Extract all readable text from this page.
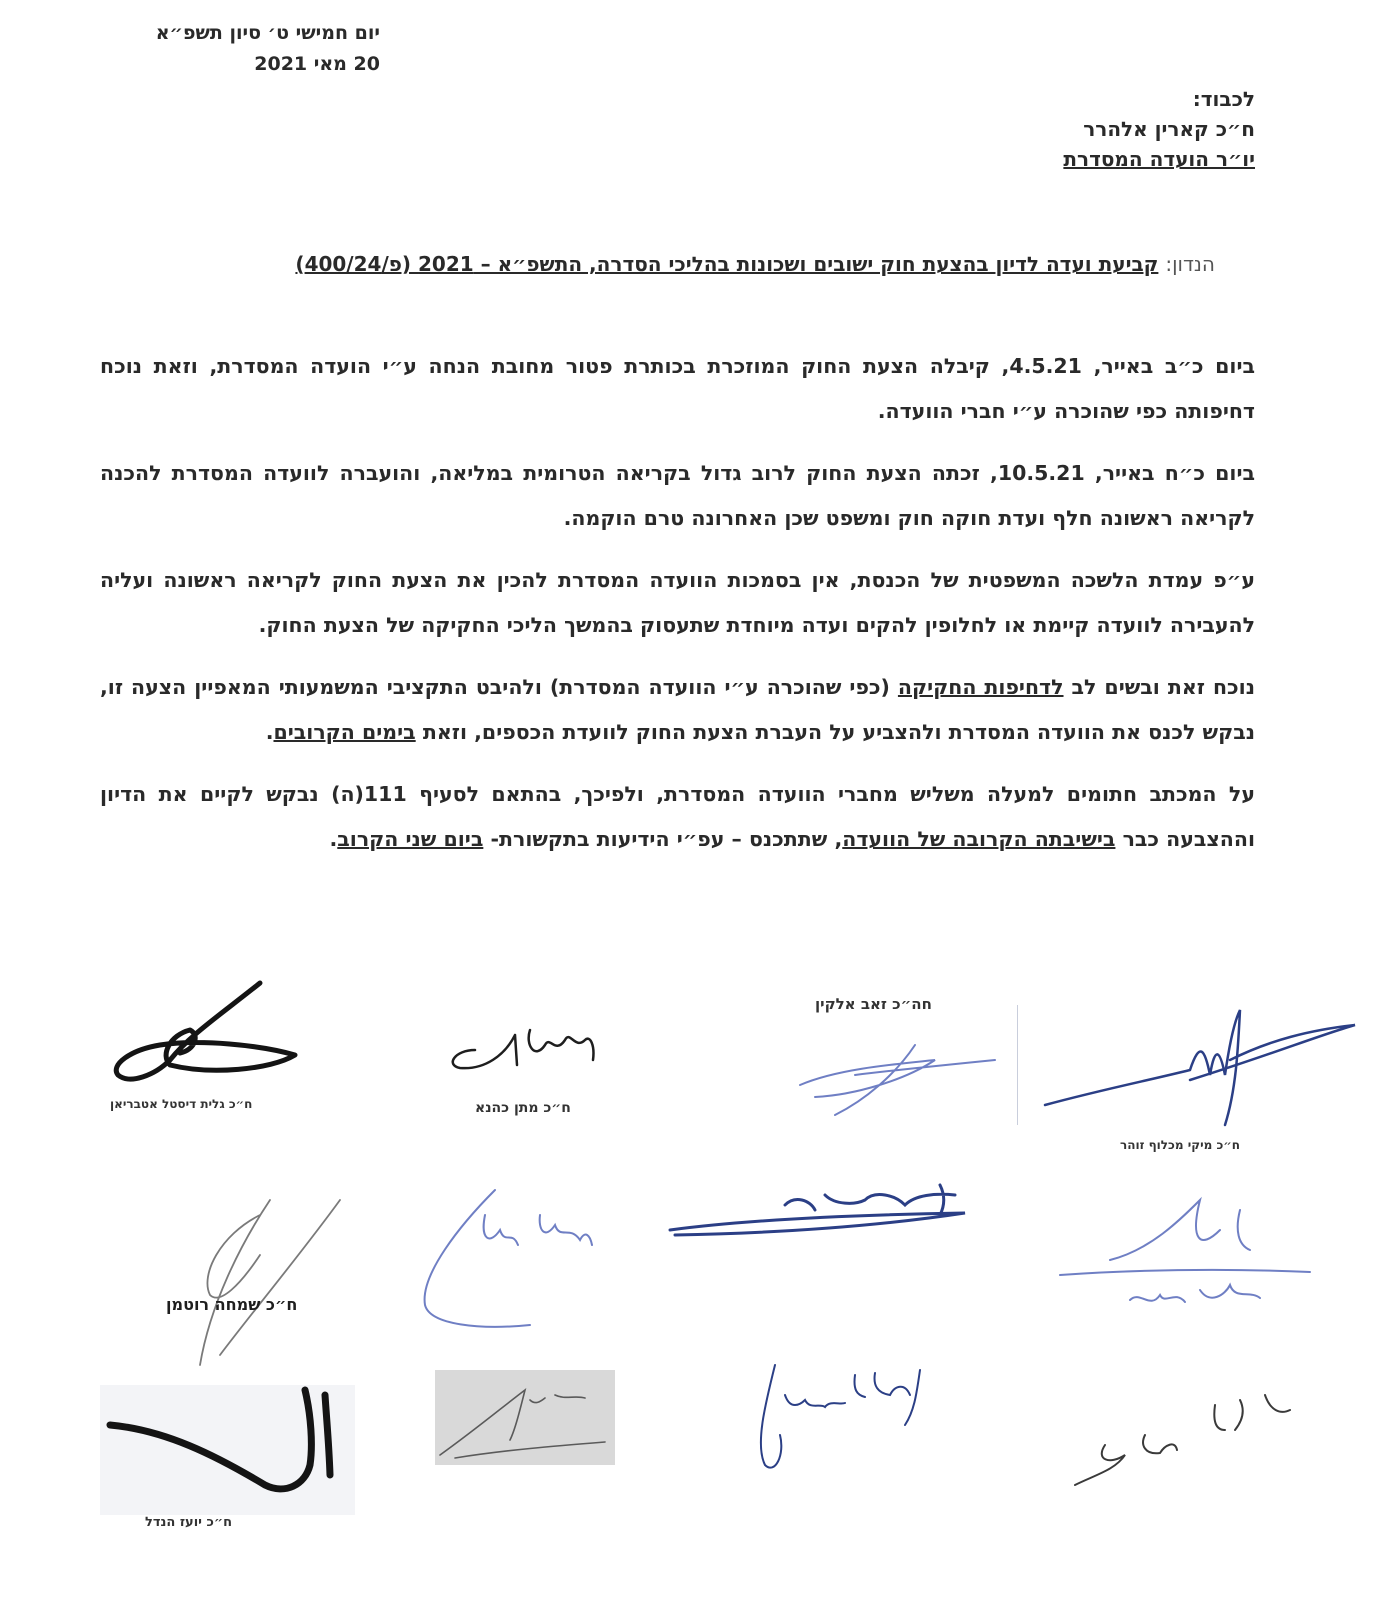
יום חמישי ט׳ סיון תשפ״א
20 מאי 2021
לכבוד:
ח״כ קארין אלהרר
יו״ר הועדה המסדרת
הנדון: קביעת ועדה לדיון בהצעת חוק ישובים ושכונות בהליכי הסדרה, התשפ״א – 2021 (פ/400/24)

ביום כ״ב באייר, 4.5.21, קיבלה הצעת החוק המוזכרת בכותרת פטור מחובת הנחה ע״י הועדה המסדרת, וזאת נוכח דחיפותה כפי שהוכרה ע״י חברי הוועדה.

ביום כ״ח באייר, 10.5.21, זכתה הצעת החוק לרוב גדול בקריאה הטרומית במליאה, והועברה לוועדה המסדרת להכנה לקריאה ראשונה חלף ועדת חוקה חוק ומשפט שכן האחרונה טרם הוקמה.

ע״פ עמדת הלשכה המשפטית של הכנסת, אין בסמכות הוועדה המסדרת להכין את הצעת החוק לקריאה ראשונה ועליה להעבירה לוועדה קיימת או לחלופין להקים ועדה מיוחדת שתעסוק בהמשך הליכי החקיקה של הצעת החוק.

נוכח זאת ובשים לב לדחיפות החקיקה (כפי שהוכרה ע״י הוועדה המסדרת) ולהיבט התקציבי המשמעותי המאפיין הצעה זו, נבקש לכנס את הוועדה המסדרת ולהצביע על העברת הצעת החוק לוועדת הכספים, וזאת בימים הקרובים.

על המכתב חתומים למעלה משליש מחברי הוועדה המסדרת, ולפיכך, בהתאם לסעיף 111(ה) נבקש לקיים את הדיון וההצבעה כבר בישיבתה הקרובה של הוועדה, שתתכנס – עפ״י הידיעות בתקשורת- ביום שני הקרוב.

ח״כ גלית דיסטל אטבריאן	ח״כ מתן כהנא
חה״כ זאב אלקין
ח״כ מיקי מכלוף זוהר
ח״כ שמחה רוטמן
ח״כ יועז הנדל
